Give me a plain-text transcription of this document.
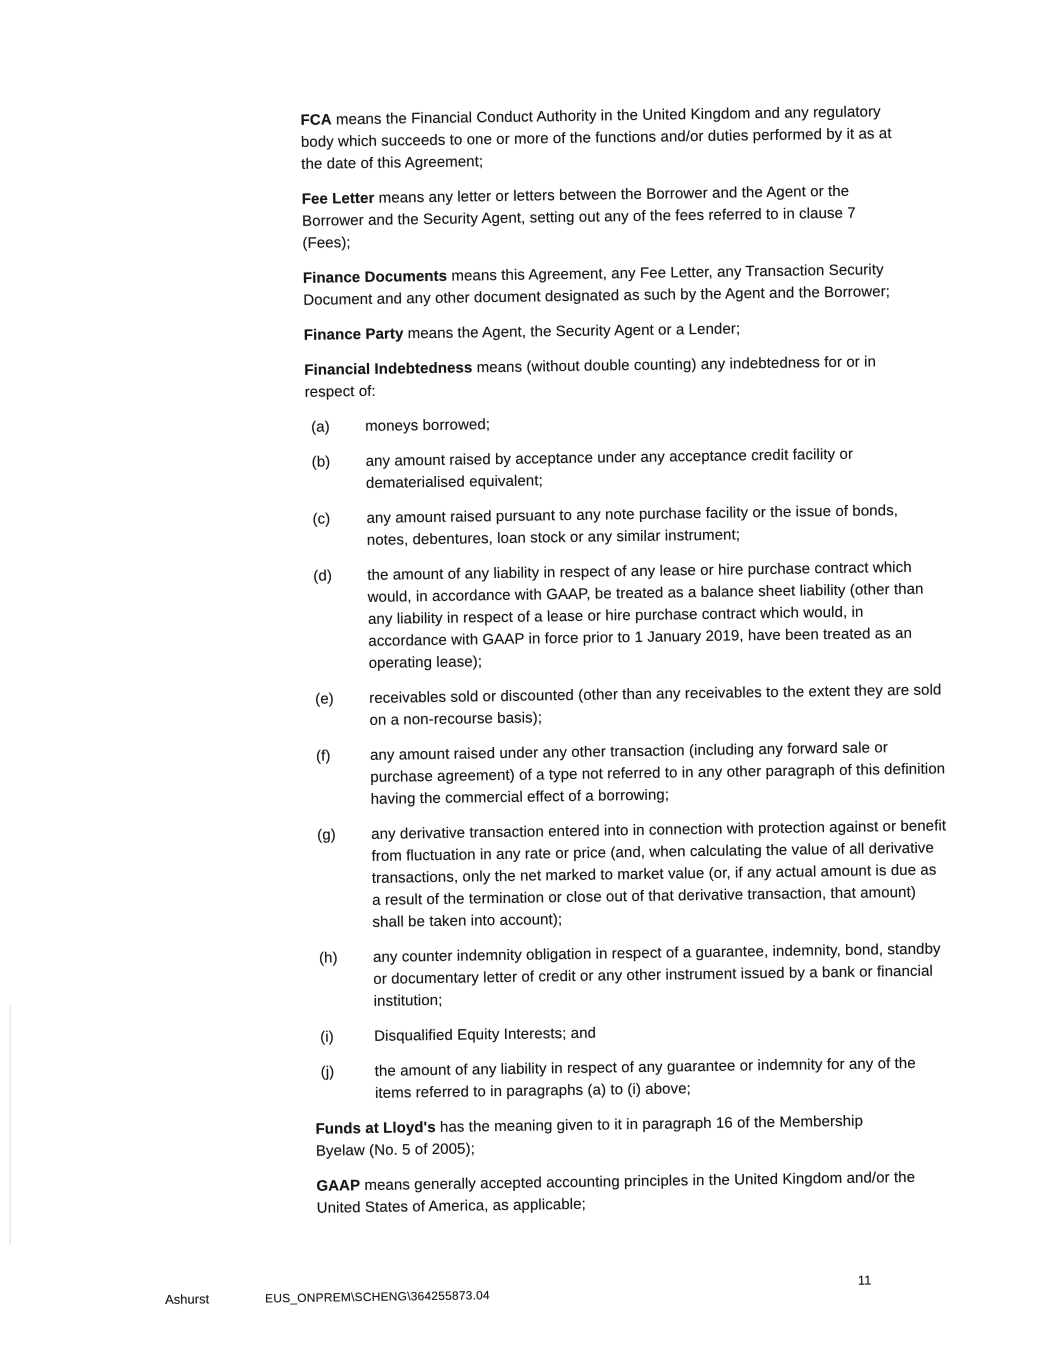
FCA means the Financial Conduct Authority in the United Kingdom and any regulatory body which succeeds to one or more of the functions and/or duties performed by it as at the date of this Agreement;

Fee Letter means any letter or letters between the Borrower and the Agent or the Borrower and the Security Agent, setting out any of the fees referred to in clause 7 (Fees);

Finance Documents means this Agreement, any Fee Letter, any Transaction Security Document and any other document designated as such by the Agent and the Borrower;

Finance Party means the Agent, the Security Agent or a Lender;

Financial Indebtedness means (without double counting) any indebtedness for or in respect of:

(a)	moneys borrowed;
(b)	any amount raised by acceptance under any acceptance credit facility or dematerialised equivalent;
(c)	any amount raised pursuant to any note purchase facility or the issue of bonds, notes, debentures, loan stock or any similar instrument;
(d)	the amount of any liability in respect of any lease or hire purchase contract which would, in accordance with GAAP, be treated as a balance sheet liability (other than any liability in respect of a lease or hire purchase contract which would, in accordance with GAAP in force prior to 1 January 2019, have been treated as an operating lease);
(e)	receivables sold or discounted (other than any receivables to the extent they are sold on a non-recourse basis);
(f)	any amount raised under any other transaction (including any forward sale or purchase agreement) of a type not referred to in any other paragraph of this definition having the commercial effect of a borrowing;
(g)	any derivative transaction entered into in connection with protection against or benefit from fluctuation in any rate or price (and, when calculating the value of all derivative transactions, only the net marked to market value (or, if any actual amount is due as a result of the termination or close out of that derivative transaction, that amount) shall be taken into account);
(h)	any counter indemnity obligation in respect of a guarantee, indemnity, bond, standby or documentary letter of credit or any other instrument issued by a bank or financial institution;
(i)	Disqualified Equity Interests; and
(j)	the amount of any liability in respect of any guarantee or indemnity for any of the items referred to in paragraphs (a) to (i) above;

Funds at Lloyd's has the meaning given to it in paragraph 16 of the Membership Byelaw (No. 5 of 2005);

GAAP means generally accepted accounting principles in the United Kingdom and/or the United States of America, as applicable;

Ashurst	EUS_ONPREM\SCHENG\364255873.04
11
